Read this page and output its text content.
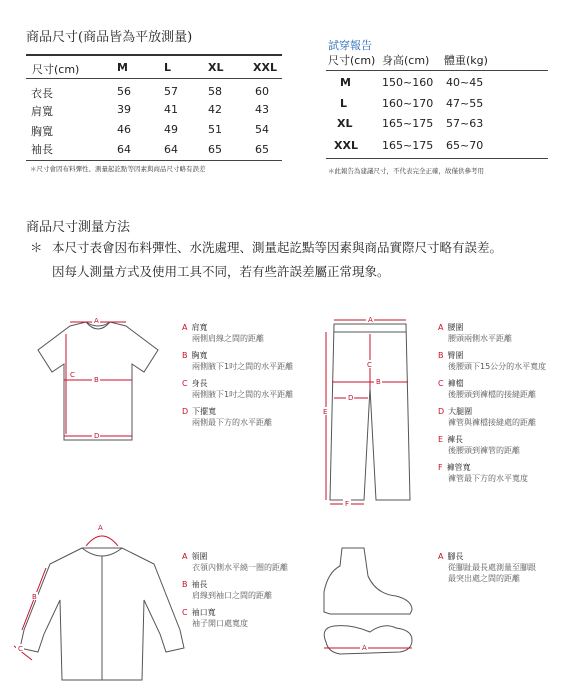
商品尺寸(商品皆為平放測量)
尺寸(cm)	M	L	XL	XXL
衣長	56	57	58	60
肩寬	39	41	42	43
胸寬	46	49	51	54
袖長	64	64	65	65
＊尺寸會因布料彈性、測量起訖點等因素與商品尺寸略有誤差
試穿報告
尺寸(cm) 身高(cm) 體重(kg)
M	150~160 40~45
L	160~170 47~55
XL	165~175 57~63
XXL 165~175 65~70
＊此報告為建議尺寸，不代表完全正確，故僅供參考用
商品尺寸測量方法
＊ 本尺寸表會因布料彈性、水洗處理、測量起訖點等因素與商品實際尺寸略有誤差。
因每人測量方式及使用工具不同，若有些許誤差屬正常現象。
A
B
C
D
A 肩寬
兩側肩線之間的距離
B 胸寬
兩側腋下1吋之間的水平距離
C 身長
兩側腋下1吋之間的水平距離
D 下擺寬
兩側最下方的水平距離
A
B
C
D
E
F
A 腰圍
腰頭兩側水平距離
B 臀圍
後腰頭下15公分的水平寬度
C 褲檔
後腰頭到褲檔的接縫距離
D 大腿圍
褲管與褲檔接縫處的距離
E 褲長
後腰頭到褲管的距離
F 褲管寬
褲管最下方的水平寬度
A
B
C
A 領圍
衣領內側水平繞一圈的距離
B 袖長
肩線到袖口之間的距離
C 袖口寬
袖子開口處寬度
A
A 腳長
從腳趾最長處測量至腳跟
最突出處之間的距離
